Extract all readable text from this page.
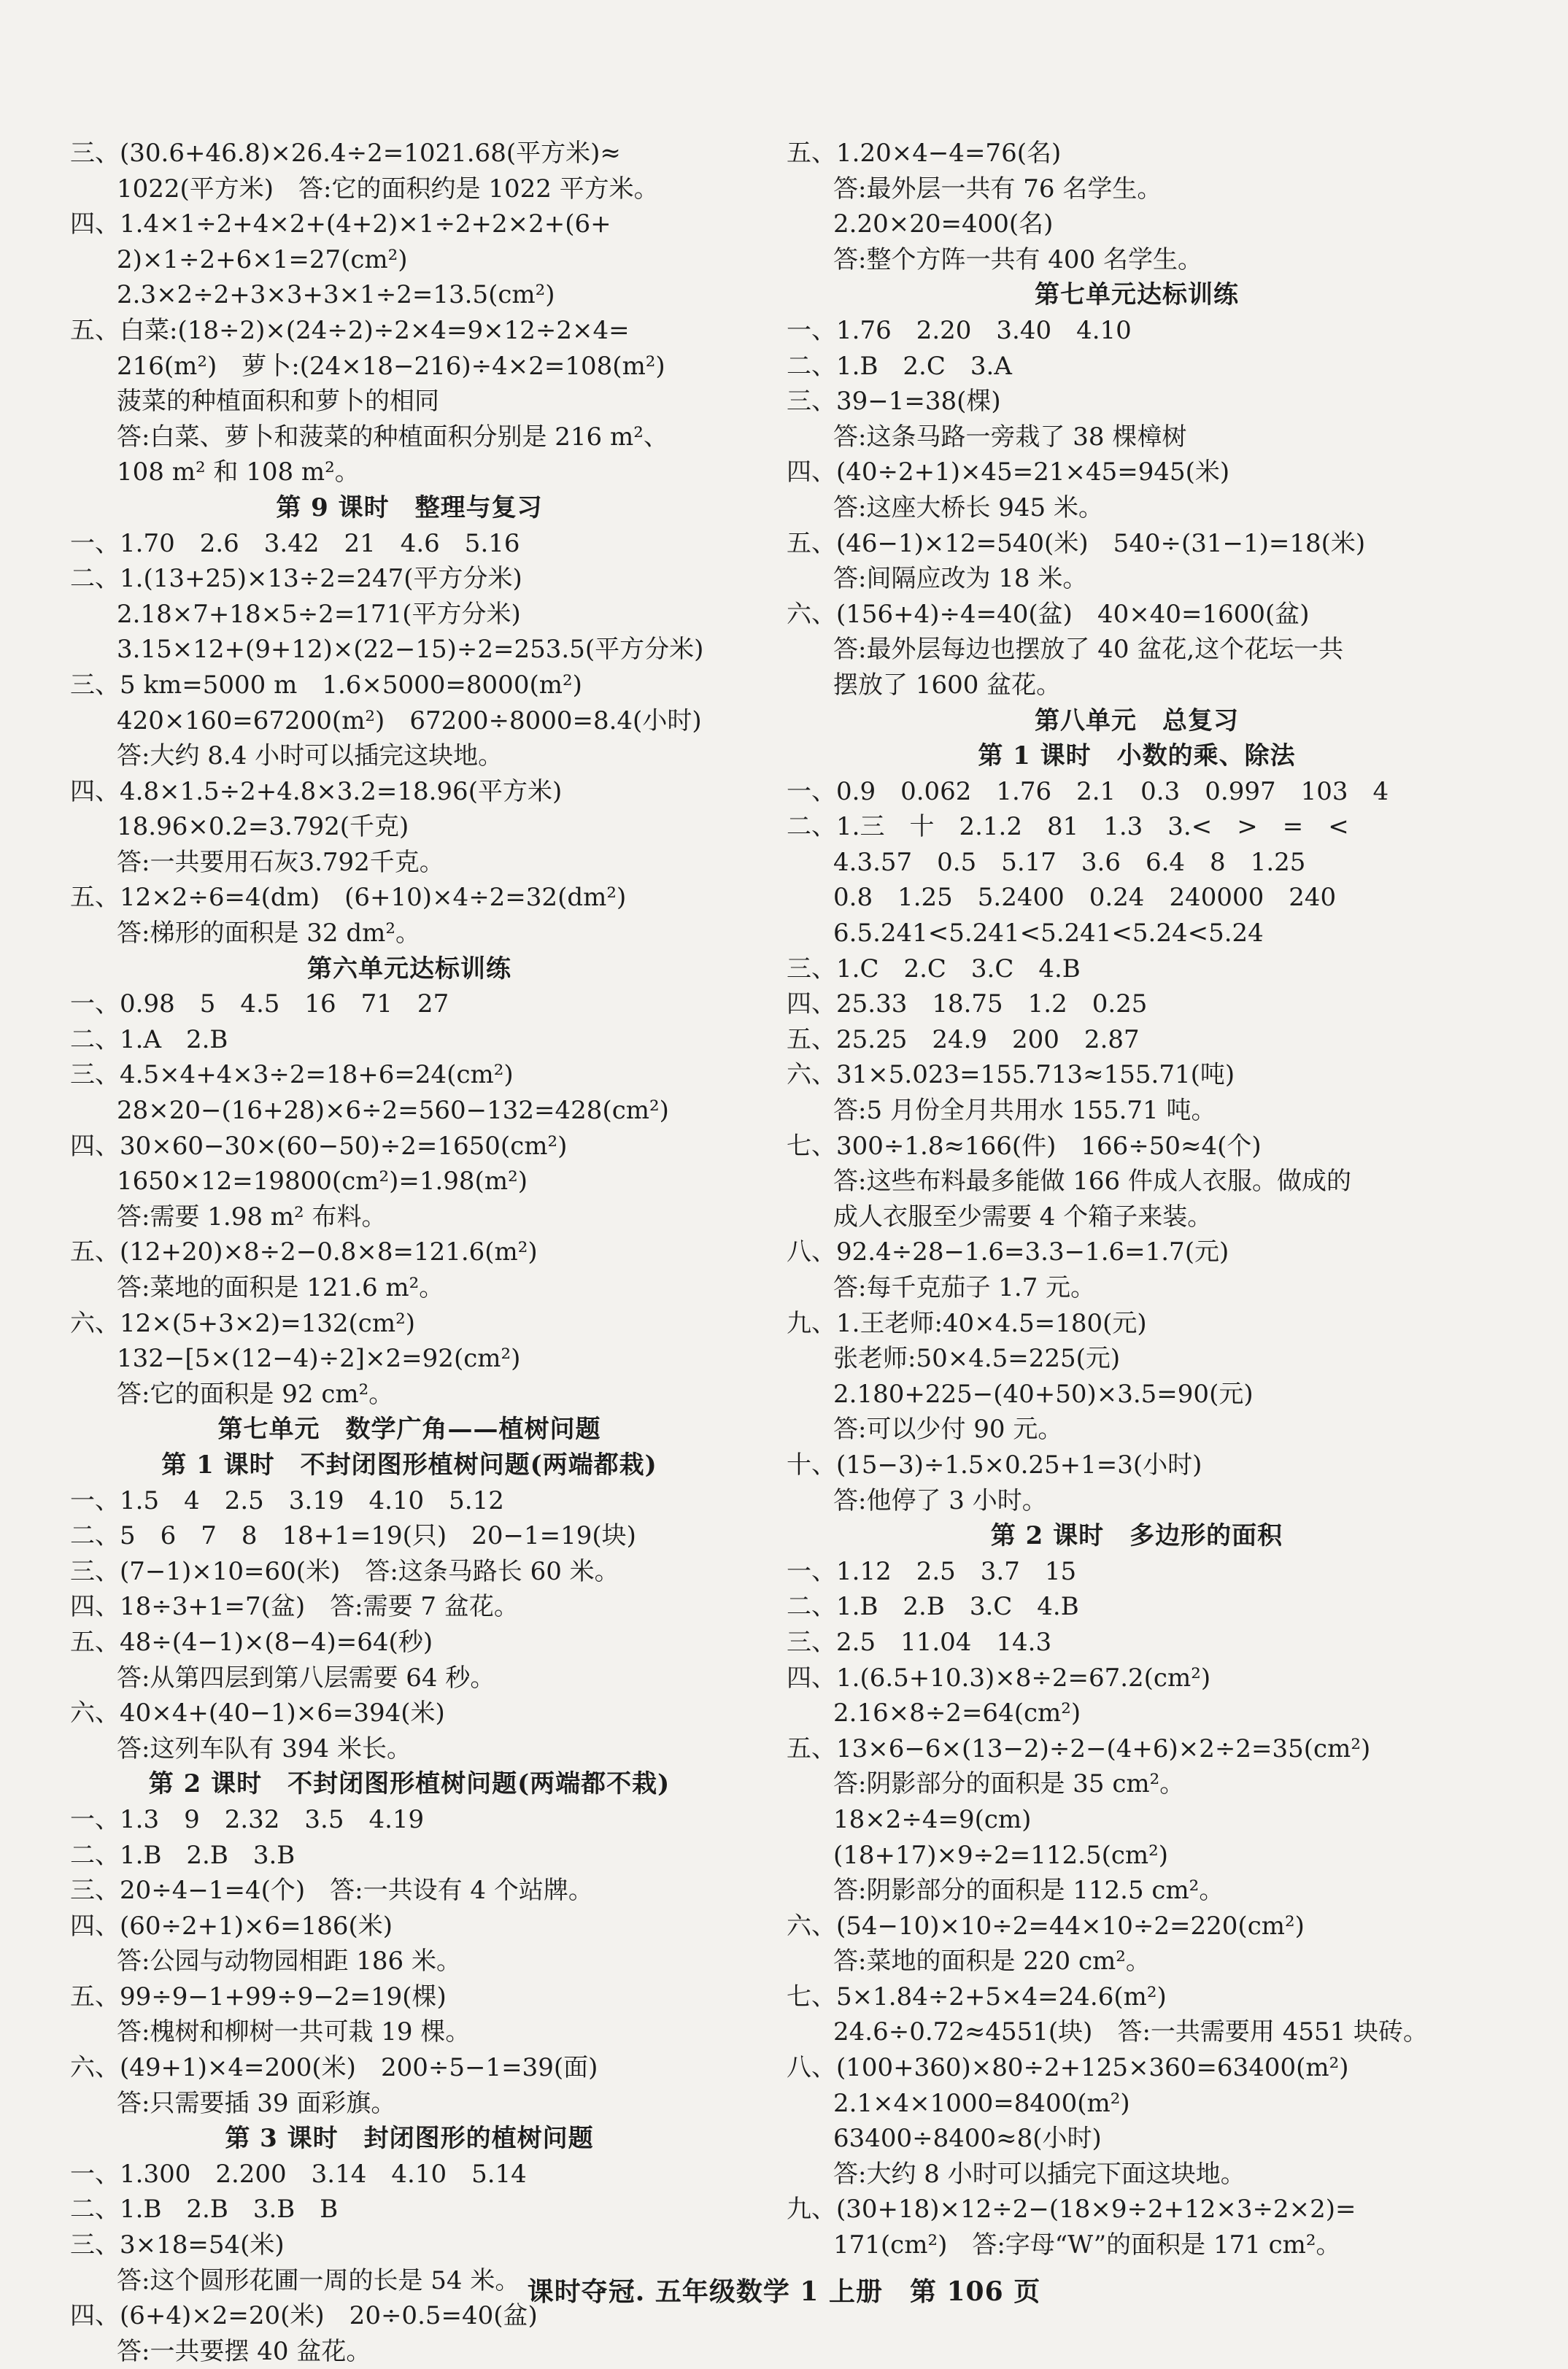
三、(30.6+46.8)×26.4÷2=1021.68(平方米)≈
1022(平方米)　答:它的面积约是 1022 平方米。
四、1.4×1÷2+4×2+(4+2)×1÷2+2×2+(6+
2)×1÷2+6×1=27(cm²)
2.3×2÷2+3×3+3×1÷2=13.5(cm²)
五、白菜:(18÷2)×(24÷2)÷2×4=9×12÷2×4=
216(m²)　萝卜:(24×18−216)÷4×2=108(m²)
菠菜的种植面积和萝卜的相同
答:白菜、萝卜和菠菜的种植面积分别是 216 m²、
108 m² 和 108 m²。
第 9 课时　整理与复习
一、1.70　2.6　3.42　21　4.6　5.16
二、1.(13+25)×13÷2=247(平方分米)
2.18×7+18×5÷2=171(平方分米)
3.15×12+(9+12)×(22−15)÷2=253.5(平方分米)
三、5 km=5000 m　1.6×5000=8000(m²)
420×160=67200(m²)　67200÷8000=8.4(小时)
答:大约 8.4 小时可以插完这块地。
四、4.8×1.5÷2+4.8×3.2=18.96(平方米)
18.96×0.2=3.792(千克)
答:一共要用石灰3.792千克。
五、12×2÷6=4(dm)　(6+10)×4÷2=32(dm²)
答:梯形的面积是 32 dm²。
第六单元达标训练
一、0.98　5　4.5　16　71　27
二、1.A　2.B
三、4.5×4+4×3÷2=18+6=24(cm²)
28×20−(16+28)×6÷2=560−132=428(cm²)
四、30×60−30×(60−50)÷2=1650(cm²)
1650×12=19800(cm²)=1.98(m²)
答:需要 1.98 m² 布料。
五、(12+20)×8÷2−0.8×8=121.6(m²)
答:菜地的面积是 121.6 m²。
六、12×(5+3×2)=132(cm²)
132−[5×(12−4)÷2]×2=92(cm²)
答:它的面积是 92 cm²。
第七单元　数学广角——植树问题
第 1 课时　不封闭图形植树问题(两端都栽)
一、1.5　4　2.5　3.19　4.10　5.12
二、5　6　7　8　18+1=19(只)　20−1=19(块)
三、(7−1)×10=60(米)　答:这条马路长 60 米。
四、18÷3+1=7(盆)　答:需要 7 盆花。
五、48÷(4−1)×(8−4)=64(秒)
答:从第四层到第八层需要 64 秒。
六、40×4+(40−1)×6=394(米)
答:这列车队有 394 米长。
第 2 课时　不封闭图形植树问题(两端都不栽)
一、1.3　9　2.32　3.5　4.19
二、1.B　2.B　3.B
三、20÷4−1=4(个)　答:一共设有 4 个站牌。
四、(60÷2+1)×6=186(米)
答:公园与动物园相距 186 米。
五、99÷9−1+99÷9−2=19(棵)
答:槐树和柳树一共可栽 19 棵。
六、(49+1)×4=200(米)　200÷5−1=39(面)
答:只需要插 39 面彩旗。
第 3 课时　封闭图形的植树问题
一、1.300　2.200　3.14　4.10　5.14
二、1.B　2.B　3.B　B
三、3×18=54(米)
答:这个圆形花圃一周的长是 54 米。
四、(6+4)×2=20(米)　20÷0.5=40(盆)
答:一共要摆 40 盆花。
五、1.20×4−4=76(名)
答:最外层一共有 76 名学生。
2.20×20=400(名)
答:整个方阵一共有 400 名学生。
第七单元达标训练
一、1.76　2.20　3.40　4.10
二、1.B　2.C　3.A
三、39−1=38(棵)
答:这条马路一旁栽了 38 棵樟树
四、(40÷2+1)×45=21×45=945(米)
答:这座大桥长 945 米。
五、(46−1)×12=540(米)　540÷(31−1)=18(米)
答:间隔应改为 18 米。
六、(156+4)÷4=40(盆)　40×40=1600(盆)
答:最外层每边也摆放了 40 盆花,这个花坛一共
摆放了 1600 盆花。
第八单元　总复习
第 1 课时　小数的乘、除法
一、0.9　0.062　1.76　2.1　0.3　0.997　103　4
二、1.三　十　2.1.2　81　1.3　3.<　>　=　<
4.3.57　0.5　5.17　3.6　6.4　8　1.25
0.8　1.25　5.2400　0.24　240000　240
6.5.241<5.241<5.241<5.24<5.24
三、1.C　2.C　3.C　4.B
四、25.33　18.75　1.2　0.25
五、25.25　24.9　200　2.87
六、31×5.023=155.713≈155.71(吨)
答:5 月份全月共用水 155.71 吨。
七、300÷1.8≈166(件)　166÷50≈4(个)
答:这些布料最多能做 166 件成人衣服。做成的
成人衣服至少需要 4 个箱子来装。
八、92.4÷28−1.6=3.3−1.6=1.7(元)
答:每千克茄子 1.7 元。
九、1.王老师:40×4.5=180(元)
张老师:50×4.5=225(元)
2.180+225−(40+50)×3.5=90(元)
答:可以少付 90 元。
十、(15−3)÷1.5×0.25+1=3(小时)
答:他停了 3 小时。
第 2 课时　多边形的面积
一、1.12　2.5　3.7　15
二、1.B　2.B　3.C　4.B
三、2.5　11.04　14.3
四、1.(6.5+10.3)×8÷2=67.2(cm²)
2.16×8÷2=64(cm²)
五、13×6−6×(13−2)÷2−(4+6)×2÷2=35(cm²)
答:阴影部分的面积是 35 cm²。
18×2÷4=9(cm)
(18+17)×9÷2=112.5(cm²)
答:阴影部分的面积是 112.5 cm²。
六、(54−10)×10÷2=44×10÷2=220(cm²)
答:菜地的面积是 220 cm²。
七、5×1.84÷2+5×4=24.6(m²)
24.6÷0.72≈4551(块)　答:一共需要用 4551 块砖。
八、(100+360)×80÷2+125×360=63400(m²)
2.1×4×1000=8400(m²)
63400÷8400≈8(小时)
答:大约 8 小时可以插完下面这块地。
九、(30+18)×12÷2−(18×9÷2+12×3÷2×2)=
171(cm²)　答:字母“W”的面积是 171 cm²。
课时夺冠. 五年级数学 1 上册　第 106 页
